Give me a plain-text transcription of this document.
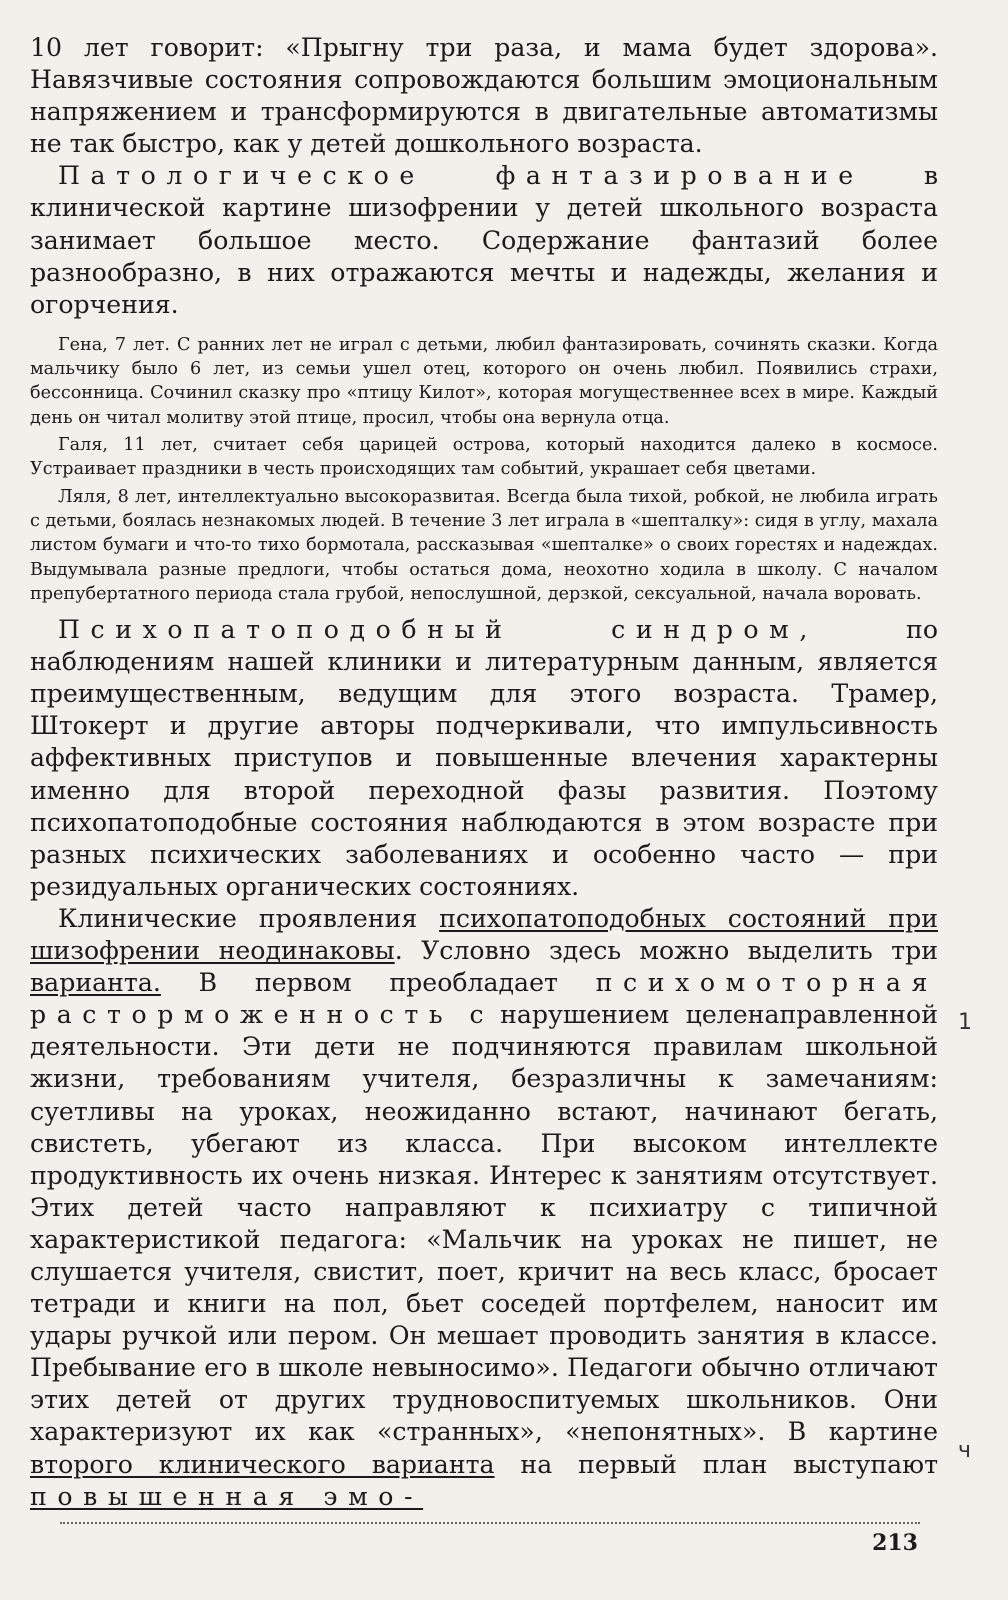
10 лет говорит: «Прыгну три раза, и мама будет здорова». Навязчивые состояния сопровождаются большим эмоциональным напряжением и трансформируются в двигательные автоматизмы не так быстро, как у детей дошкольного возраста.

Патологическое фантазирование в клинической картине шизофрении у детей школьного возраста занимает большое место. Содержание фантазий более разнообразно, в них отражаются мечты и надежды, желания и огорчения.

Гена, 7 лет. С ранних лет не играл с детьми, любил фантазировать, сочинять сказки. Когда мальчику было 6 лет, из семьи ушел отец, которого он очень любил. Появились страхи, бессонница. Сочинил сказку про «птицу Килот», которая могущественнее всех в мире. Каждый день он читал молитву этой птице, просил, чтобы она вернула отца.

Галя, 11 лет, считает себя царицей острова, который находится далеко в космосе. Устраивает праздники в честь происходящих там событий, украшает себя цветами.

Ляля, 8 лет, интеллектуально высокоразвитая. Всегда была тихой, робкой, не любила играть с детьми, боялась незнакомых людей. В течение 3 лет играла в «шепталку»: сидя в углу, махала листом бумаги и что-то тихо бормотала, рассказывая «шепталке» о своих горестях и надеждах. Выдумывала разные предлоги, чтобы остаться дома, неохотно ходила в школу. С началом препубертатного периода стала грубой, непослушной, дерзкой, сексуальной, начала воровать.

Психопатоподобный синдром, по наблюдениям нашей клиники и литературным данным, является преимущественным, ведущим для этого возраста. Трамер, Штокерт и другие авторы подчеркивали, что импульсивность аффективных приступов и повышенные влечения характерны именно для второй переходной фазы развития. Поэтому психопатоподобные состояния наблюдаются в этом возрасте при разных психических заболеваниях и особенно часто — при резидуальных органических состояниях.

Клинические проявления психопатоподобных состояний при шизофрении неодинаковы. Условно здесь можно выделить три варианта. В первом преобладает психомоторная расторможенность с нарушением целенаправленной деятельности. Эти дети не подчиняются правилам школьной жизни, требованиям учителя, безразличны к замечаниям: суетливы на уроках, неожиданно встают, начинают бегать, свистеть, убегают из класса. При высоком интеллекте продуктивность их очень низкая. Интерес к занятиям отсутствует. Этих детей часто направляют к психиатру с типичной характеристикой педагога: «Мальчик на уроках не пишет, не слушается учителя, свистит, поет, кричит на весь класс, бросает тетради и книги на пол, бьет соседей портфелем, наносит им удары ручкой или пером. Он мешает проводить занятия в классе. Пребывание его в школе невыносимо». Педагоги обычно отличают этих детей от других трудновоспитуемых школьников. Они характеризуют их как «странных», «непонятных». В картине второго клинического варианта на первый план выступают повышенная эмо-

1
ч
213
